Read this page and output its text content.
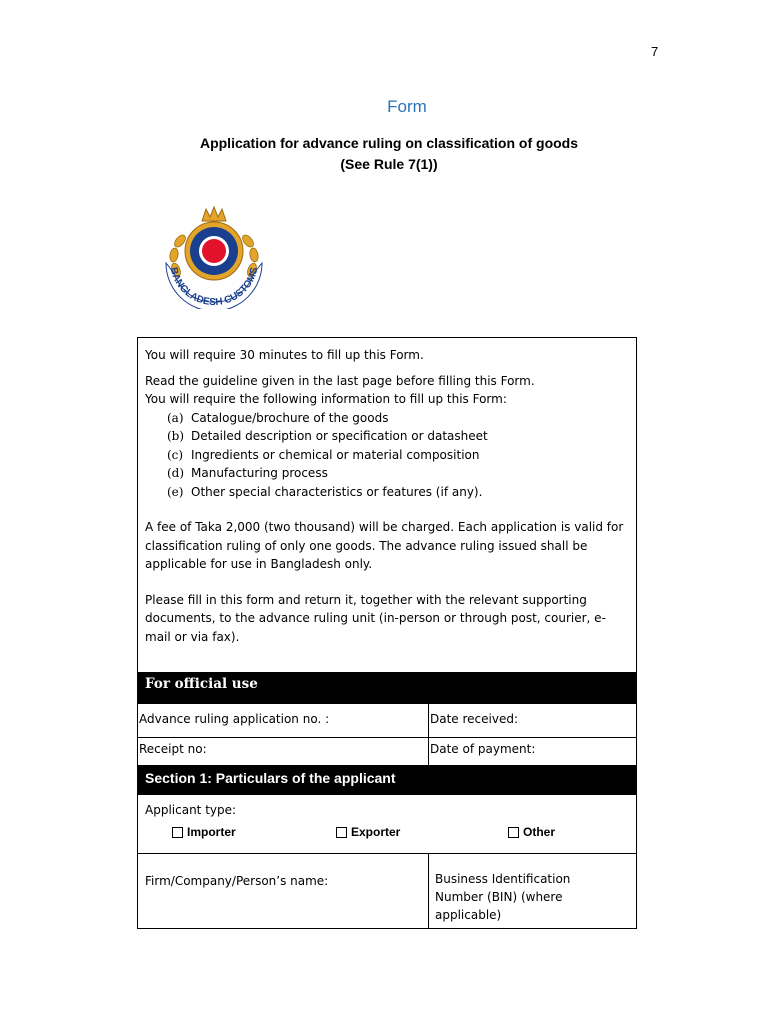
7
Form
Application for advance ruling on classification of goods
(See Rule 7(1))
BANGLADESH CUSTOMS

You will require 30 minutes to fill up this Form.

Read the guideline given in the last page before filling this Form.

You will require the following information to fill up this Form:

(a) Catalogue/brochure of the goods
(b) Detailed description or specification or datasheet
(c) Ingredients or chemical or material composition
(d) Manufacturing process
(e) Other special characteristics or features (if any).

A fee of Taka 2,000 (two thousand) will be charged. Each application is valid for classification ruling of only one goods. The advance ruling issued shall be applicable for use in Bangladesh only.

Please fill in this form and return it, together with the relevant supporting documents, to the advance ruling unit (in-person or through post, courier, e-mail or via fax).

For official use
Advance ruling application no. :	Date received:
Receipt no:	Date of payment:
Section 1: Particulars of the applicant
Applicant type:
Importer	Exporter	Other
Firm/Company/Person’s name:	Business Identification Number (BIN) (where applicable)
